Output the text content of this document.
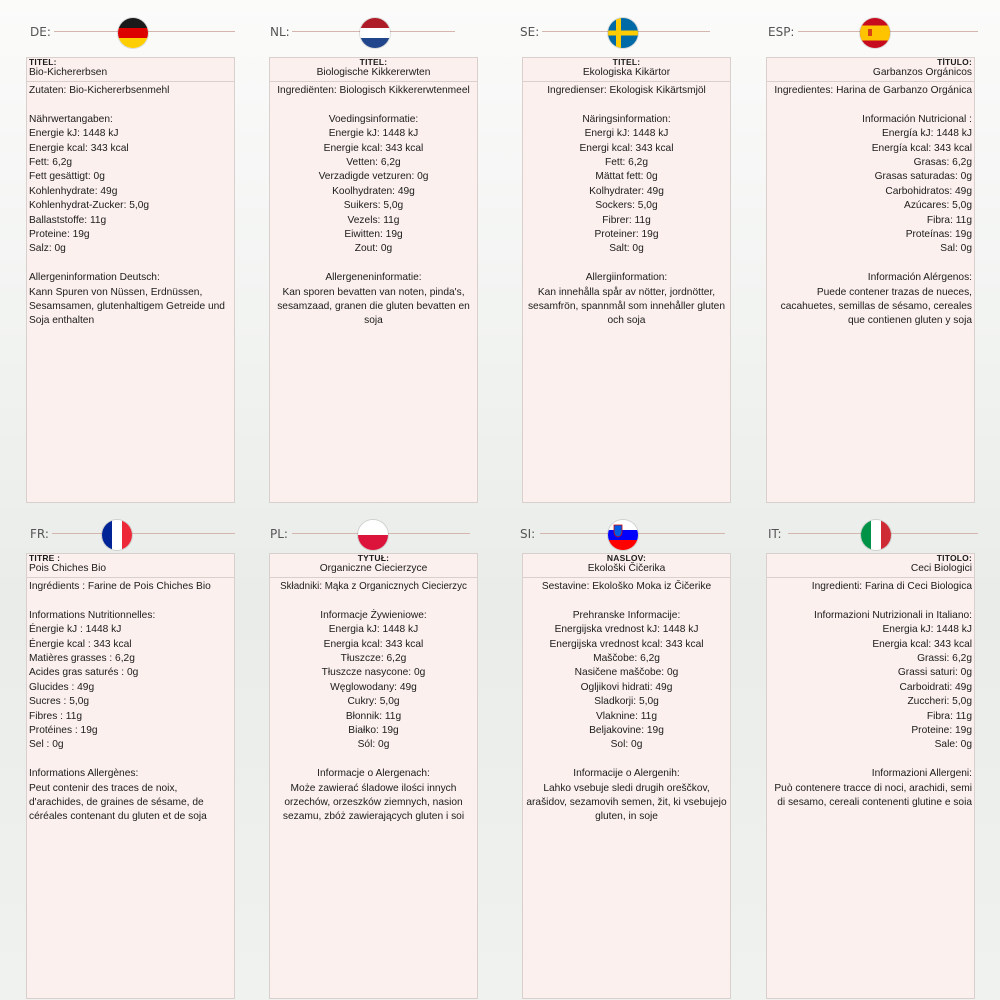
DE:
TITEL:
Bio-Kichererbsen
Zutaten: Bio-Kichererbsenmehl
Nährwertangaben:
Energie kJ: 1448 kJ
Energie kcal: 343 kcal
Fett: 6,2g
Fett gesättigt: 0g
Kohlenhydrate: 49g
Kohlenhydrat-Zucker: 5,0g
Ballaststoffe: 11g
Proteine: 19g
Salz: 0g
Allergeninformation Deutsch:
Kann Spuren von Nüssen, Erdnüssen, Sesamsamen, glutenhaltigem Getreide und Soja enthalten
NL:
TITEL:
Biologische Kikkererwten
Ingrediënten: Biologisch Kikkererwtenmeel
Voedingsinformatie:
Energie kJ: 1448 kJ
Energie kcal: 343 kcal
Vetten: 6,2g
Verzadigde vetzuren: 0g
Koolhydraten: 49g
Suikers: 5,0g
Vezels: 11g
Eiwitten: 19g
Zout: 0g
Allergeneninformatie:
Kan sporen bevatten van noten, pinda's, sesamzaad, granen die gluten bevatten en soja
SE:
TITEL:
Ekologiska Kikärtor
Ingredienser: Ekologisk Kikärtsmjöl
Näringsinformation:
Energi kJ: 1448 kJ
Energi kcal: 343 kcal
Fett: 6,2g
Mättat fett: 0g
Kolhydrater: 49g
Sockers: 5,0g
Fibrer: 11g
Proteiner: 19g
Salt: 0g
Allergiinformation:
Kan innehålla spår av nötter, jordnötter, sesamfrön, spannmål som innehåller gluten och soja
ESP:
TÍTULO:
Garbanzos Orgánicos
Ingredientes: Harina de Garbanzo Orgánica
Información Nutricional :
Energía kJ: 1448 kJ
Energía kcal: 343 kcal
Grasas: 6,2g
Grasas saturadas: 0g
Carbohidratos: 49g
Azúcares: 5,0g
Fibra: 11g
Proteínas: 19g
Sal: 0g
Información Alérgenos:
Puede contener trazas de nueces, cacahuetes, semillas de sésamo, cereales que contienen gluten y soja
FR:
TITRE :
Pois Chiches Bio
Ingrédients : Farine de Pois Chiches Bio
Informations Nutritionnelles:
Énergie kJ : 1448 kJ
Énergie kcal : 343 kcal
Matières grasses : 6,2g
Acides gras saturés : 0g
Glucides : 49g
Sucres : 5,0g
Fibres : 11g
Protéines : 19g
Sel : 0g
Informations Allergènes:
Peut contenir des traces de noix, d'arachides, de graines de sésame, de céréales contenant du gluten et de soja
PL:
TYTUŁ:
Organiczne Ciecierzyce
Składniki: Mąka z Organicznych Ciecierzyc
Informacje Żywieniowe:
Energia kJ: 1448 kJ
Energia kcal: 343 kcal
Tłuszcze: 6,2g
Tłuszcze nasycone: 0g
Węglowodany: 49g
Cukry: 5,0g
Błonnik: 11g
Białko: 19g
Sól: 0g
Informacje o Alergenach:
Może zawierać śladowe ilości innych orzechów, orzeszków ziemnych, nasion sezamu, zbóż zawierających gluten i soi
SI:
NASLOV:
Ekološki Čičerika
Sestavine: Ekološko Moka iz Čičerike
Prehranske Informacije:
Energijska vrednost kJ: 1448 kJ
Energijska vrednost kcal: 343 kcal
Maščobe: 6,2g
Nasičene maščobe: 0g
Ogljikovi hidrati: 49g
Sladkorji: 5,0g
Vlaknine: 11g
Beljakovine: 19g
Sol: 0g
Informacije o Alergenih:
Lahko vsebuje sledi drugih oreščkov, arašidov, sezamovih semen, žit, ki vsebujejo gluten, in soje
IT:
TITOLO:
Ceci Biologici
Ingredienti: Farina di Ceci Biologica
Informazioni Nutrizionali in Italiano:
Energia kJ: 1448 kJ
Energia kcal: 343 kcal
Grassi: 6,2g
Grassi saturi: 0g
Carboidrati: 49g
Zuccheri: 5,0g
Fibra: 11g
Proteine: 19g
Sale: 0g
Informazioni Allergeni:
Può contenere tracce di noci, arachidi, semi di sesamo, cereali contenenti glutine e soia
